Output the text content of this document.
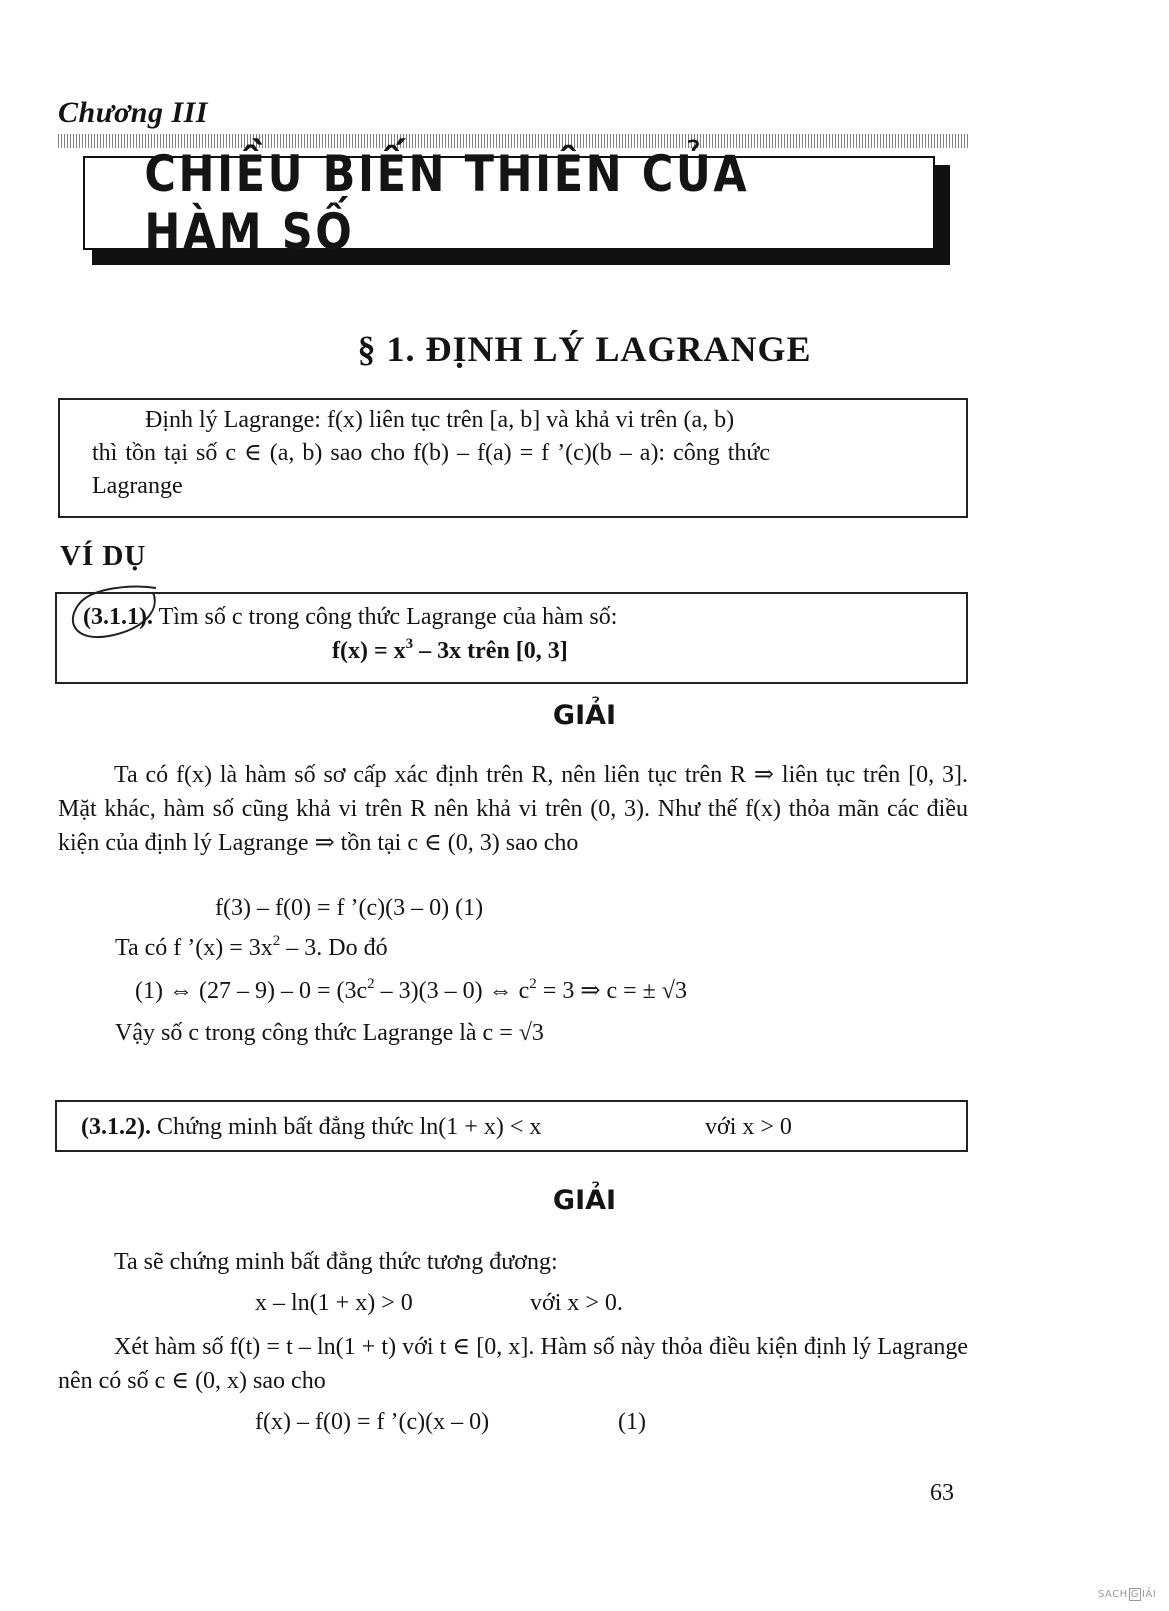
Chương III
CHIỀU BIẾN THIÊN CỦA HÀM SỐ
§ 1. ĐỊNH LÝ LAGRANGE

Định lý Lagrange: f(x) liên tục trên [a, b] và khả vi trên (a, b)

thì tồn tại số c ∈ (a, b) sao cho f(b) – f(a) = f ’(c)(b – a): công thức

Lagrange

VÍ DỤ
(3.1.1). Tìm số c trong công thức Lagrange của hàm số:
$f(x) = x^3 - 3x$ trên [0, 3]
GIẢI

Ta có f(x) là hàm số sơ cấp xác định trên R, nên liên tục trên R ⇒ liên tục trên [0, 3]. Mặt khác, hàm số cũng khả vi trên R nên khả vi trên (0, 3). Như thế f(x) thỏa mãn các điều kiện của định lý Lagrange ⇒ tồn tại c ∈ (0, 3) sao cho

f(3) – f(0) = f ’(c)(3 – 0) (1)
Ta có f ’(x) = $3x^2 - 3$. Do đó
(1) ⇔ $(27 - 9) - 0 = (3c^2 - 3)(3 - 0)$ ⇔ $c^2 = 3$ ⇒ c = ± √3
Vậy số c trong công thức Lagrange là c = √3
(3.1.2). Chứng minh bất đẳng thức ln(1 + x) < x	với x > 0
GIẢI

Ta sẽ chứng minh bất đẳng thức tương đương:

x – ln(1 + x) > 0	với x > 0.

Xét hàm số f(t) = t – ln(1 + t) với t ∈ [0, x]. Hàm số này thỏa điều kiện định lý Lagrange nên có số c ∈ (0, x) sao cho

f(x) – f(0) = f ’(c)(x – 0)	(1)
63
SACH G IẢI
